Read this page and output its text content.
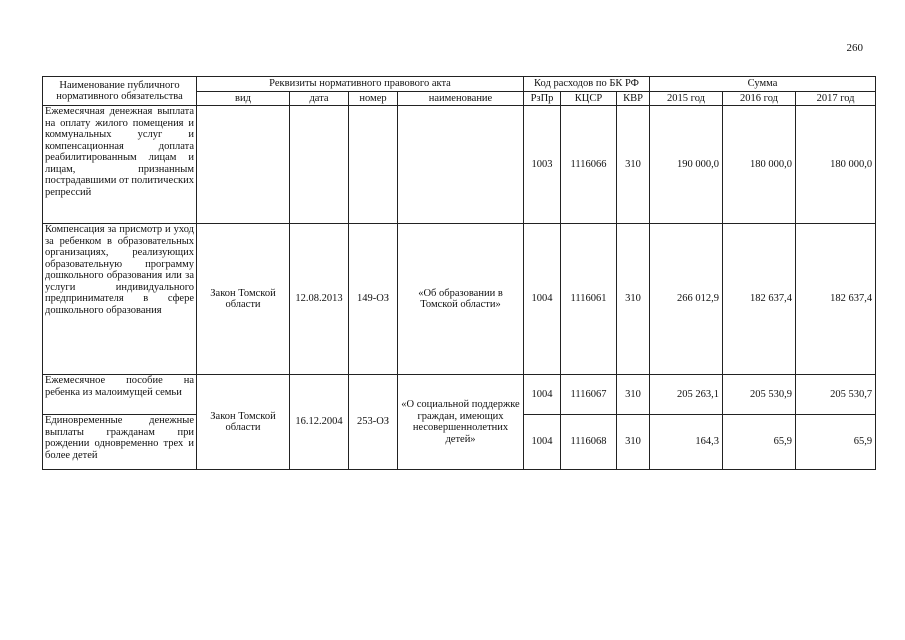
260
Наименование публичного нормативного обязательства	Реквизиты нормативного правового акта				Код расходов по БК РФ			Сумма		
	вид	дата	номер	наименование	РзПр	КЦСР	КВР	2015 год	2016 год	2017 год
Ежемесячная денежная выплата на оплату жилого помещения и коммунальных услуг и компенсационная доплата реабилитированным лицам и лицам, признанным пострадавшими от политических репрессий					1003	1116066	310	190 000,0	180 000,0	180 000,0
Компенсация за присмотр и уход за ребенком в образовательных организациях, реализующих образовательную программу дошкольного образования или за услуги индивидуального предпринимателя в сфере дошкольного образования	Закон Томской области	12.08.2013	149-ОЗ	«Об образовании в Томской области»	1004	1116061	310	266 012,9	182 637,4	182 637,4
Ежемесячное пособие на ребенка из малоимущей семьи	Закон Томской области	16.12.2004	253-ОЗ	«О социальной поддержке граждан, имеющих несовершеннолетних детей»	1004	1116067	310	205 263,1	205 530,9	205 530,7
Единовременные денежные выплаты гражданам при рождении одновременно трех и более детей					1004	1116068	310	164,3	65,9	65,9
